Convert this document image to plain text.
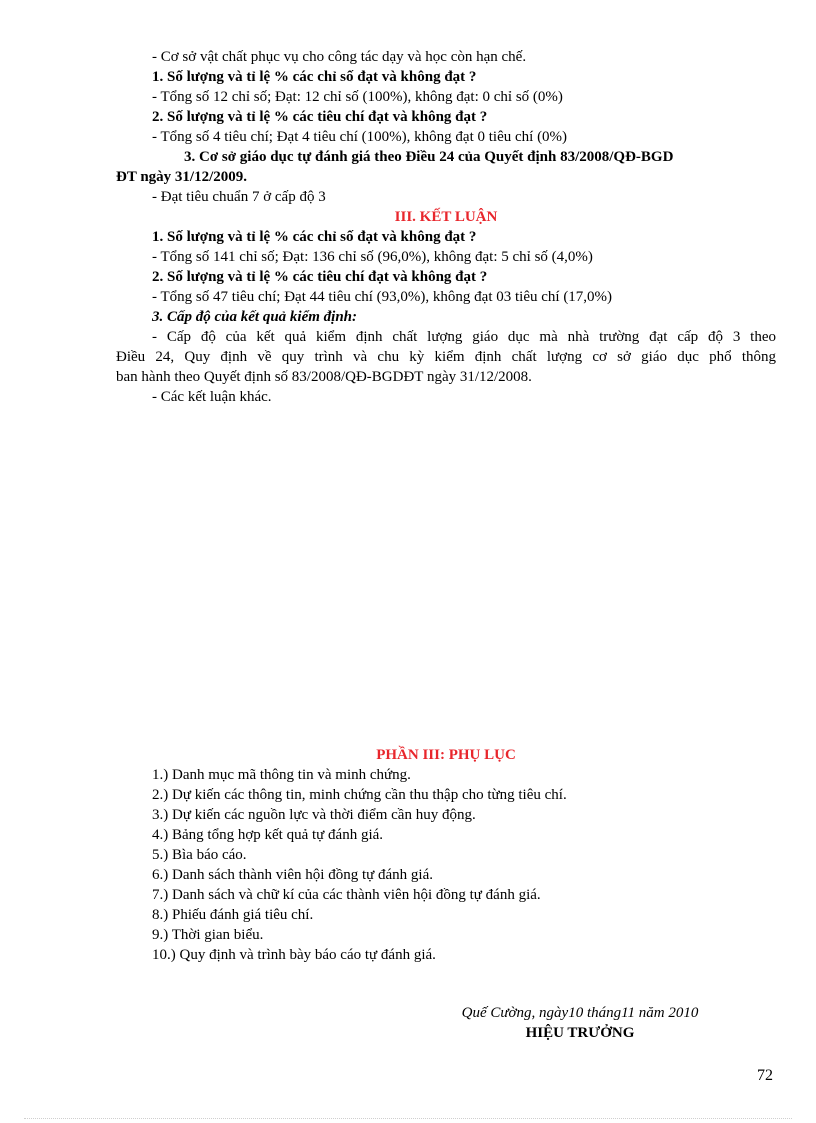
- Cơ sở vật chất phục vụ cho công tác dạy và học còn hạn chế.
1. Số lượng và tỉ lệ % các chỉ số đạt và không đạt ?
- Tổng số 12 chỉ số; Đạt: 12 chỉ số (100%), không đạt: 0 chỉ số (0%)
2. Số lượng và tỉ lệ % các tiêu chí đạt và không đạt ?
- Tổng số 4 tiêu chí; Đạt 4 tiêu chí (100%), không đạt 0 tiêu chí (0%)
3. Cơ sở giáo dục tự đánh giá theo Điều 24 của Quyết định 83/2008/QĐ-BGD
ĐT ngày 31/12/2009.
- Đạt tiêu chuẩn 7 ở cấp độ 3
III. KẾT LUẬN
1. Số lượng và tỉ lệ % các chỉ số đạt và không đạt ?
- Tổng số 141 chỉ số; Đạt: 136 chỉ số (96,0%), không đạt: 5 chỉ số (4,0%)
2. Số lượng và tỉ lệ % các tiêu chí đạt và không đạt ?
- Tổng số 47 tiêu chí; Đạt 44 tiêu chí (93,0%), không đạt 03 tiêu chí (17,0%)
3. Cấp độ của kết quả kiểm định:
- Cấp độ của kết quả kiểm định chất lượng giáo dục mà nhà trường đạt cấp độ 3 theo
Điều 24, Quy định về quy trình và chu kỳ kiểm định chất lượng cơ sở giáo dục phổ thông
ban hành theo Quyết định số 83/2008/QĐ-BGDĐT ngày 31/12/2008.
- Các kết luận khác.
PHẦN III: PHỤ LỤC
1.) Danh mục mã thông tin và minh chứng.
2.) Dự kiến các thông tin, minh chứng cần thu thập cho từng tiêu chí.
3.) Dự kiến các nguồn lực và thời điểm cần huy động.
4.) Bảng tổng hợp kết quả tự đánh giá.
5.) Bìa báo cáo.
6.) Danh sách thành viên hội đồng tự đánh giá.
7.) Danh sách và chữ kí của các thành viên hội đồng tự đánh giá.
8.) Phiếu đánh giá tiêu chí.
9.) Thời gian biểu.
10.) Quy định và trình bày báo cáo tự đánh giá.
Quế Cường, ngày10 tháng11 năm 2010
HIỆU TRƯỞNG
72
